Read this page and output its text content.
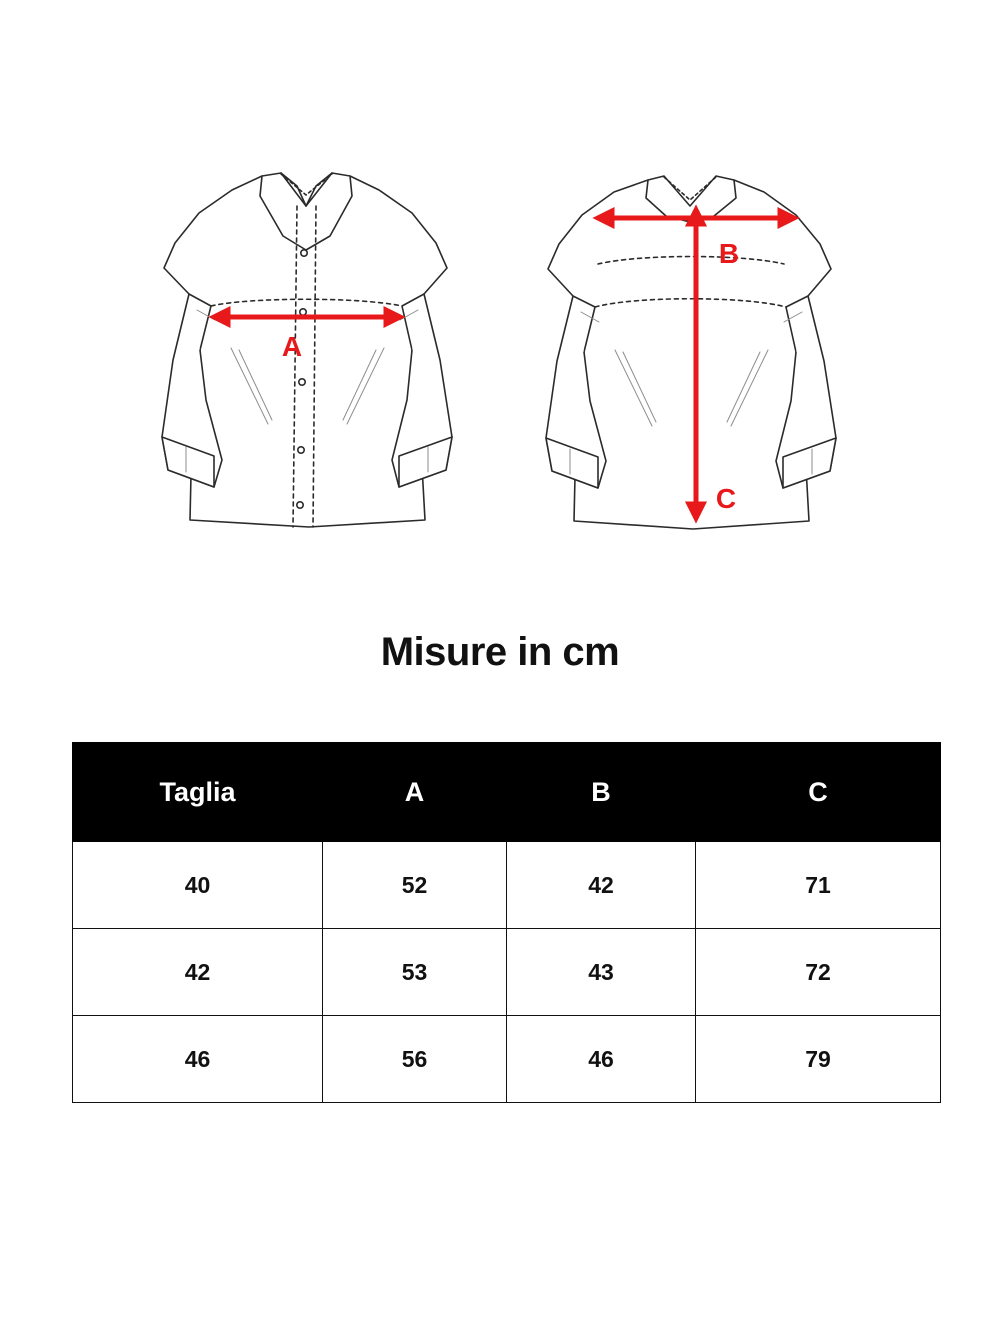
A
B
C
Misure in cm
Taglia	A	B	C
40	52	42	71
42	53	43	72
46	56	46	79
